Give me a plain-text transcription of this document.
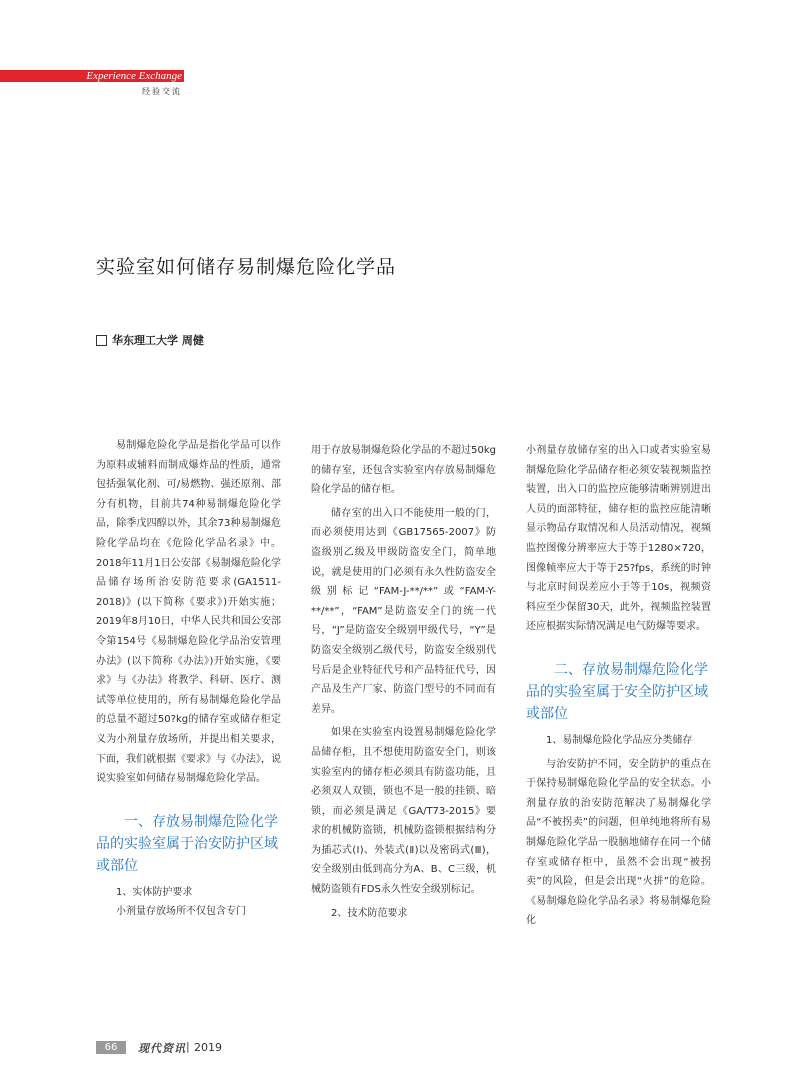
Experience Exchange
经验交流
实验室如何储存易制爆危险化学品
华东理工大学 周健

易制爆危险化学品是指化学品可以作为原料或辅料而制成爆炸品的性质，通常包括强氧化剂、可/易燃物、强还原剂、部分有机物，目前共74种易制爆危险化学品，除季戊四醇以外，其余73种易制爆危险化学品均在《危险化学品名录》中。2018年11月1日公安部《易制爆危险化学品储存场所治安防范要求(GA1511-2018)》(以下简称《要求》)开始实施；2019年8月10日，中华人民共和国公安部令第154号《易制爆危险化学品治安管理办法》(以下简称《办法》)开始实施，《要求》与《办法》将教学、科研、医疗、测试等单位使用的，所有易制爆危险化学品的总量不超过50?kg的储存室或储存柜定义为小剂量存放场所，并提出相关要求，下面，我们就根据《要求》与《办法》，说说实验室如何储存易制爆危险化学品。

一、存放易制爆危险化学
品的实验室属于治安防护区域或部位

1、实体防护要求

小剂量存放场所不仅包含专门

用于存放易制爆危险化学品的不超过50kg的储存室，还包含实验室内存放易制爆危险化学品的储存柜。

储存室的出入口不能使用一般的门，而必须使用达到《GB17565-2007》防盗级别乙级及甲级防盗安全门，简单地说，就是使用的门必须有永久性防盗安全级别标记“FAM-J-**/**”或“FAM-Y-**/**”，“FAM”是防盗安全门的统一代号，“J”是防盗安全级别甲级代号，“Y”是防盗安全级别乙级代号，防盗安全级别代号后是企业特征代号和产品特征代号，因产品及生产厂家、防盗门型号的不同而有差异。

如果在实验室内设置易制爆危险化学品储存柜，且不想使用防盗安全门，则该实验室内的储存柜必须具有防盗功能，且必须双人双锁，锁也不是一般的挂锁、暗锁，而必须是满足《GA/T73-2015》要求的机械防盗锁，机械防盗锁根据结构分为插芯式(Ⅰ)、外装式(Ⅱ)以及密码式(Ⅲ)，安全级别由低到高分为A、B、C三级，机械防盗锁有FDS永久性安全级别标记。

2、技术防范要求

小剂量存放储存室的出入口或者实验室易制爆危险化学品储存柜必须安装视频监控装置，出入口的监控应能够清晰辨别进出人员的面部特征，储存柜的监控应能清晰显示物品存取情况和人员活动情况，视频监控图像分辨率应大于等于1280×720，图像帧率应大于等于25?fps，系统的时钟与北京时间误差应小于等于10s，视频资料应至少保留30天，此外，视频监控装置还应根据实际情况满足电气防爆等要求。

二、存放易制爆危险化学
品的实验室属于安全防护区域或部位

1、易制爆危险化学品应分类储存

与治安防护不同，安全防护的重点在于保持易制爆危险化学品的安全状态。小剂量存放的治安防范解决了易制爆化学品“不被拐卖”的问题，但单纯地将所有易制爆危险化学品一股脑地储存在同一个储存室或储存柜中，虽然不会出现“被拐卖”的风险，但是会出现“火拼”的危险。《易制爆危险化学品名录》将易制爆危险化

66	现代资讯 | 2019
